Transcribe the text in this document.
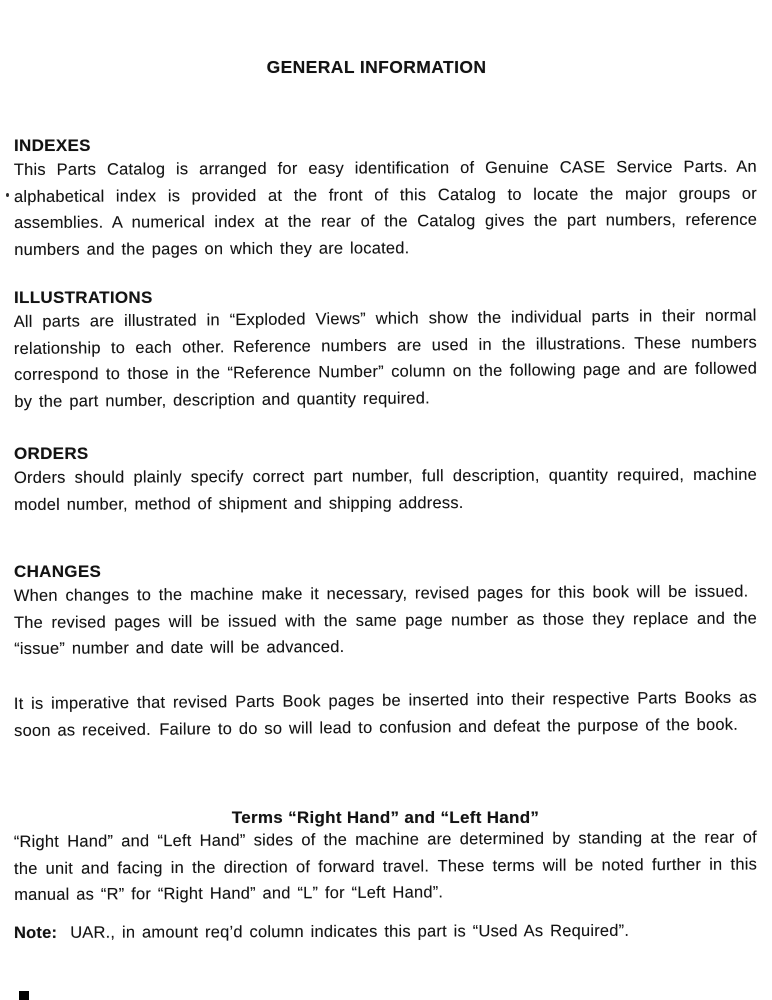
GENERAL INFORMATION
INDEXES

This Parts Catalog is arranged for easy identification of Genuine CASE Service Parts. An alphabetical index is provided at the front of this Catalog to locate the major groups or assemblies. A numerical index at the rear of the Catalog gives the part numbers, reference numbers and the pages on which they are located.

ILLUSTRATIONS

All parts are illustrated in “Exploded Views” which show the individual parts in their normal relationship to each other. Reference numbers are used in the illustrations. These numbers correspond to those in the “Reference Number” column on the following page and are followed by the part number, description and quantity required.

ORDERS

Orders should plainly specify correct part number, full description, quantity required, machine model number, method of shipment and shipping address.

CHANGES

When changes to the machine make it necessary, revised pages for this book will be issued. The revised pages will be issued with the same page number as those they replace and the “issue” number and date will be advanced.

It is imperative that revised Parts Book pages be inserted into their respective Parts Books as soon as received. Failure to do so will lead to confusion and defeat the purpose of the book.

Terms “Right Hand” and “Left Hand”

“Right Hand” and “Left Hand” sides of the machine are determined by standing at the rear of the unit and facing in the direction of forward travel. These terms will be noted further in this manual as “R” for “Right Hand” and “L” for “Left Hand”.

Note: UAR., in amount req’d column indicates this part is “Used As Required”.
